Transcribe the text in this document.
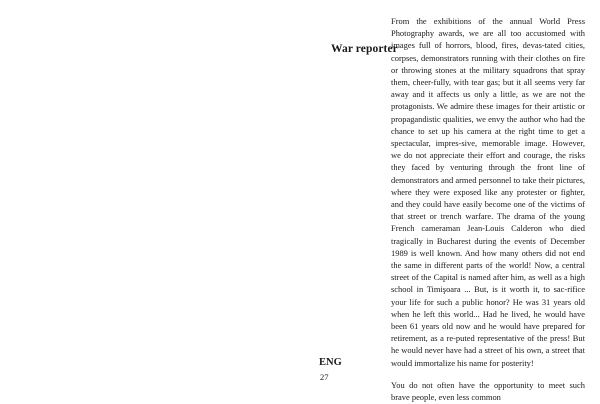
War reporter

From the exhibitions of the annual World Press Photography awards, we are all too accustomed with images full of horrors, blood, fires, devas-tated cities, corpses, demonstrators running with their clothes on fire or throwing stones at the military squadrons that spray them, cheer-fully, with tear gas; but it all seems very far away and it affects us only a little, as we are not the protagonists. We admire these images for their artistic or propagandistic qualities, we envy the author who had the chance to set up his camera at the right time to get a spectacular, impres-sive, memorable image. However, we do not appreciate their effort and courage, the risks they faced by venturing through the front line of demonstrators and armed personnel to take their pictures, where they were exposed like any protester or fighter, and they could have easily become one of the victims of that street or trench warfare. The drama of the young French cameraman Jean-Louis Calderon who died tragically in Bucharest during the events of December 1989 is well known. And how many others did not end the same in different parts of the world! Now, a central street of the Capital is named after him, as well as a high school in Timişoara ... But, is it worth it, to sac-rifice your life for such a public honor? He was 31 years old when he left this world... Had he lived, he would have been 61 years old now and he would have prepared for retirement, as a re-puted representative of the press! But he would never have had a street of his own, a street that would immortalize his name for posterity!

You do not often have the opportunity to meet such brave people, even less common

ENG
27
